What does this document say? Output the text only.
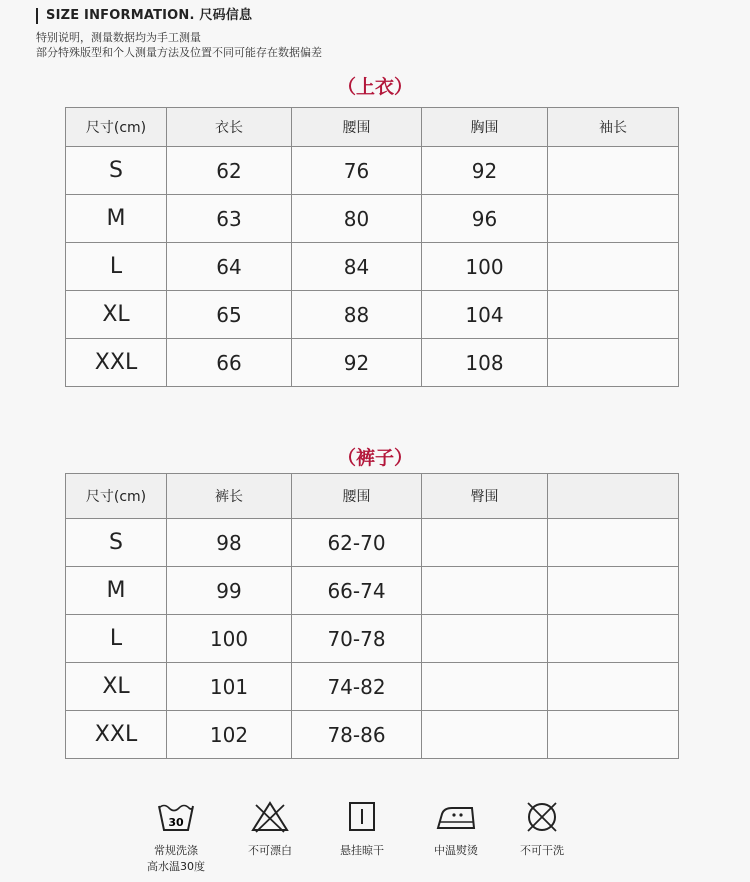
SIZE INFORMATION. 尺码信息
特别说明，测量数据均为手工测量
部分特殊版型和个人测量方法及位置不同可能存在数据偏差
（上衣）
尺寸(cm)	衣长	腰围	胸围	袖长
S	62	76	92	
M	63	80	96	
L	64	84	100	
XL	65	88	104	
XXL	66	92	108	
（裤子）
尺寸(cm)	裤长	腰围	臀围	
S	98	62-70		
M	99	66-74		
L	100	70-78		
XL	101	74-82		
XXL	102	78-86		
30
常规洗涤
高水温30度
不可漂白	悬挂晾干	中温熨烫	不可干洗
